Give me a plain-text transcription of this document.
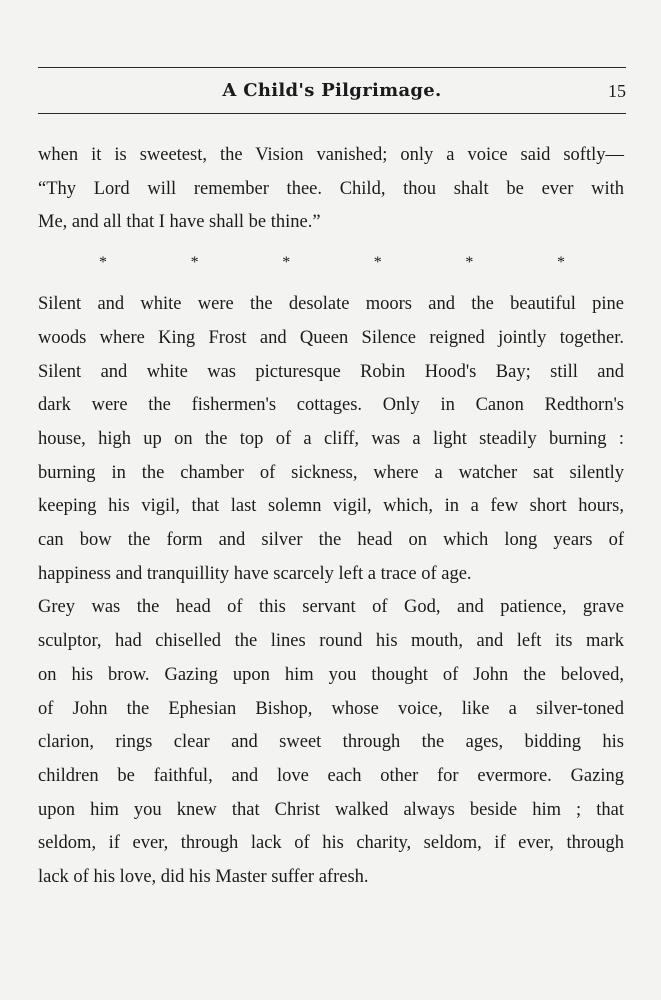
A Child's Pilgrimage.	15
when it is sweetest, the Vision vanished; only a voice said softly—
“Thy Lord will remember thee. Child, thou shalt be ever with
Me, and all that I have shall be thine.”
*	*	*	*	*	*
Silent and white were the desolate moors and the beautiful pine
woods where King Frost and Queen Silence reigned jointly together.
Silent and white was picturesque Robin Hood's Bay; still and
dark were the fishermen's cottages. Only in Canon Redthorn's
house, high up on the top of a cliff, was a light steadily burning :
burning in the chamber of sickness, where a watcher sat silently
keeping his vigil, that last solemn vigil, which, in a few short hours,
can bow the form and silver the head on which long years of
happiness and tranquillity have scarcely left a trace of age.
Grey was the head of this servant of God, and patience, grave
sculptor, had chiselled the lines round his mouth, and left its mark
on his brow. Gazing upon him you thought of John the beloved,
of John the Ephesian Bishop, whose voice, like a silver-toned
clarion, rings clear and sweet through the ages, bidding his
children be faithful, and love each other for evermore. Gazing
upon him you knew that Christ walked always beside him ; that
seldom, if ever, through lack of his charity, seldom, if ever, through
lack of his love, did his Master suffer afresh.
